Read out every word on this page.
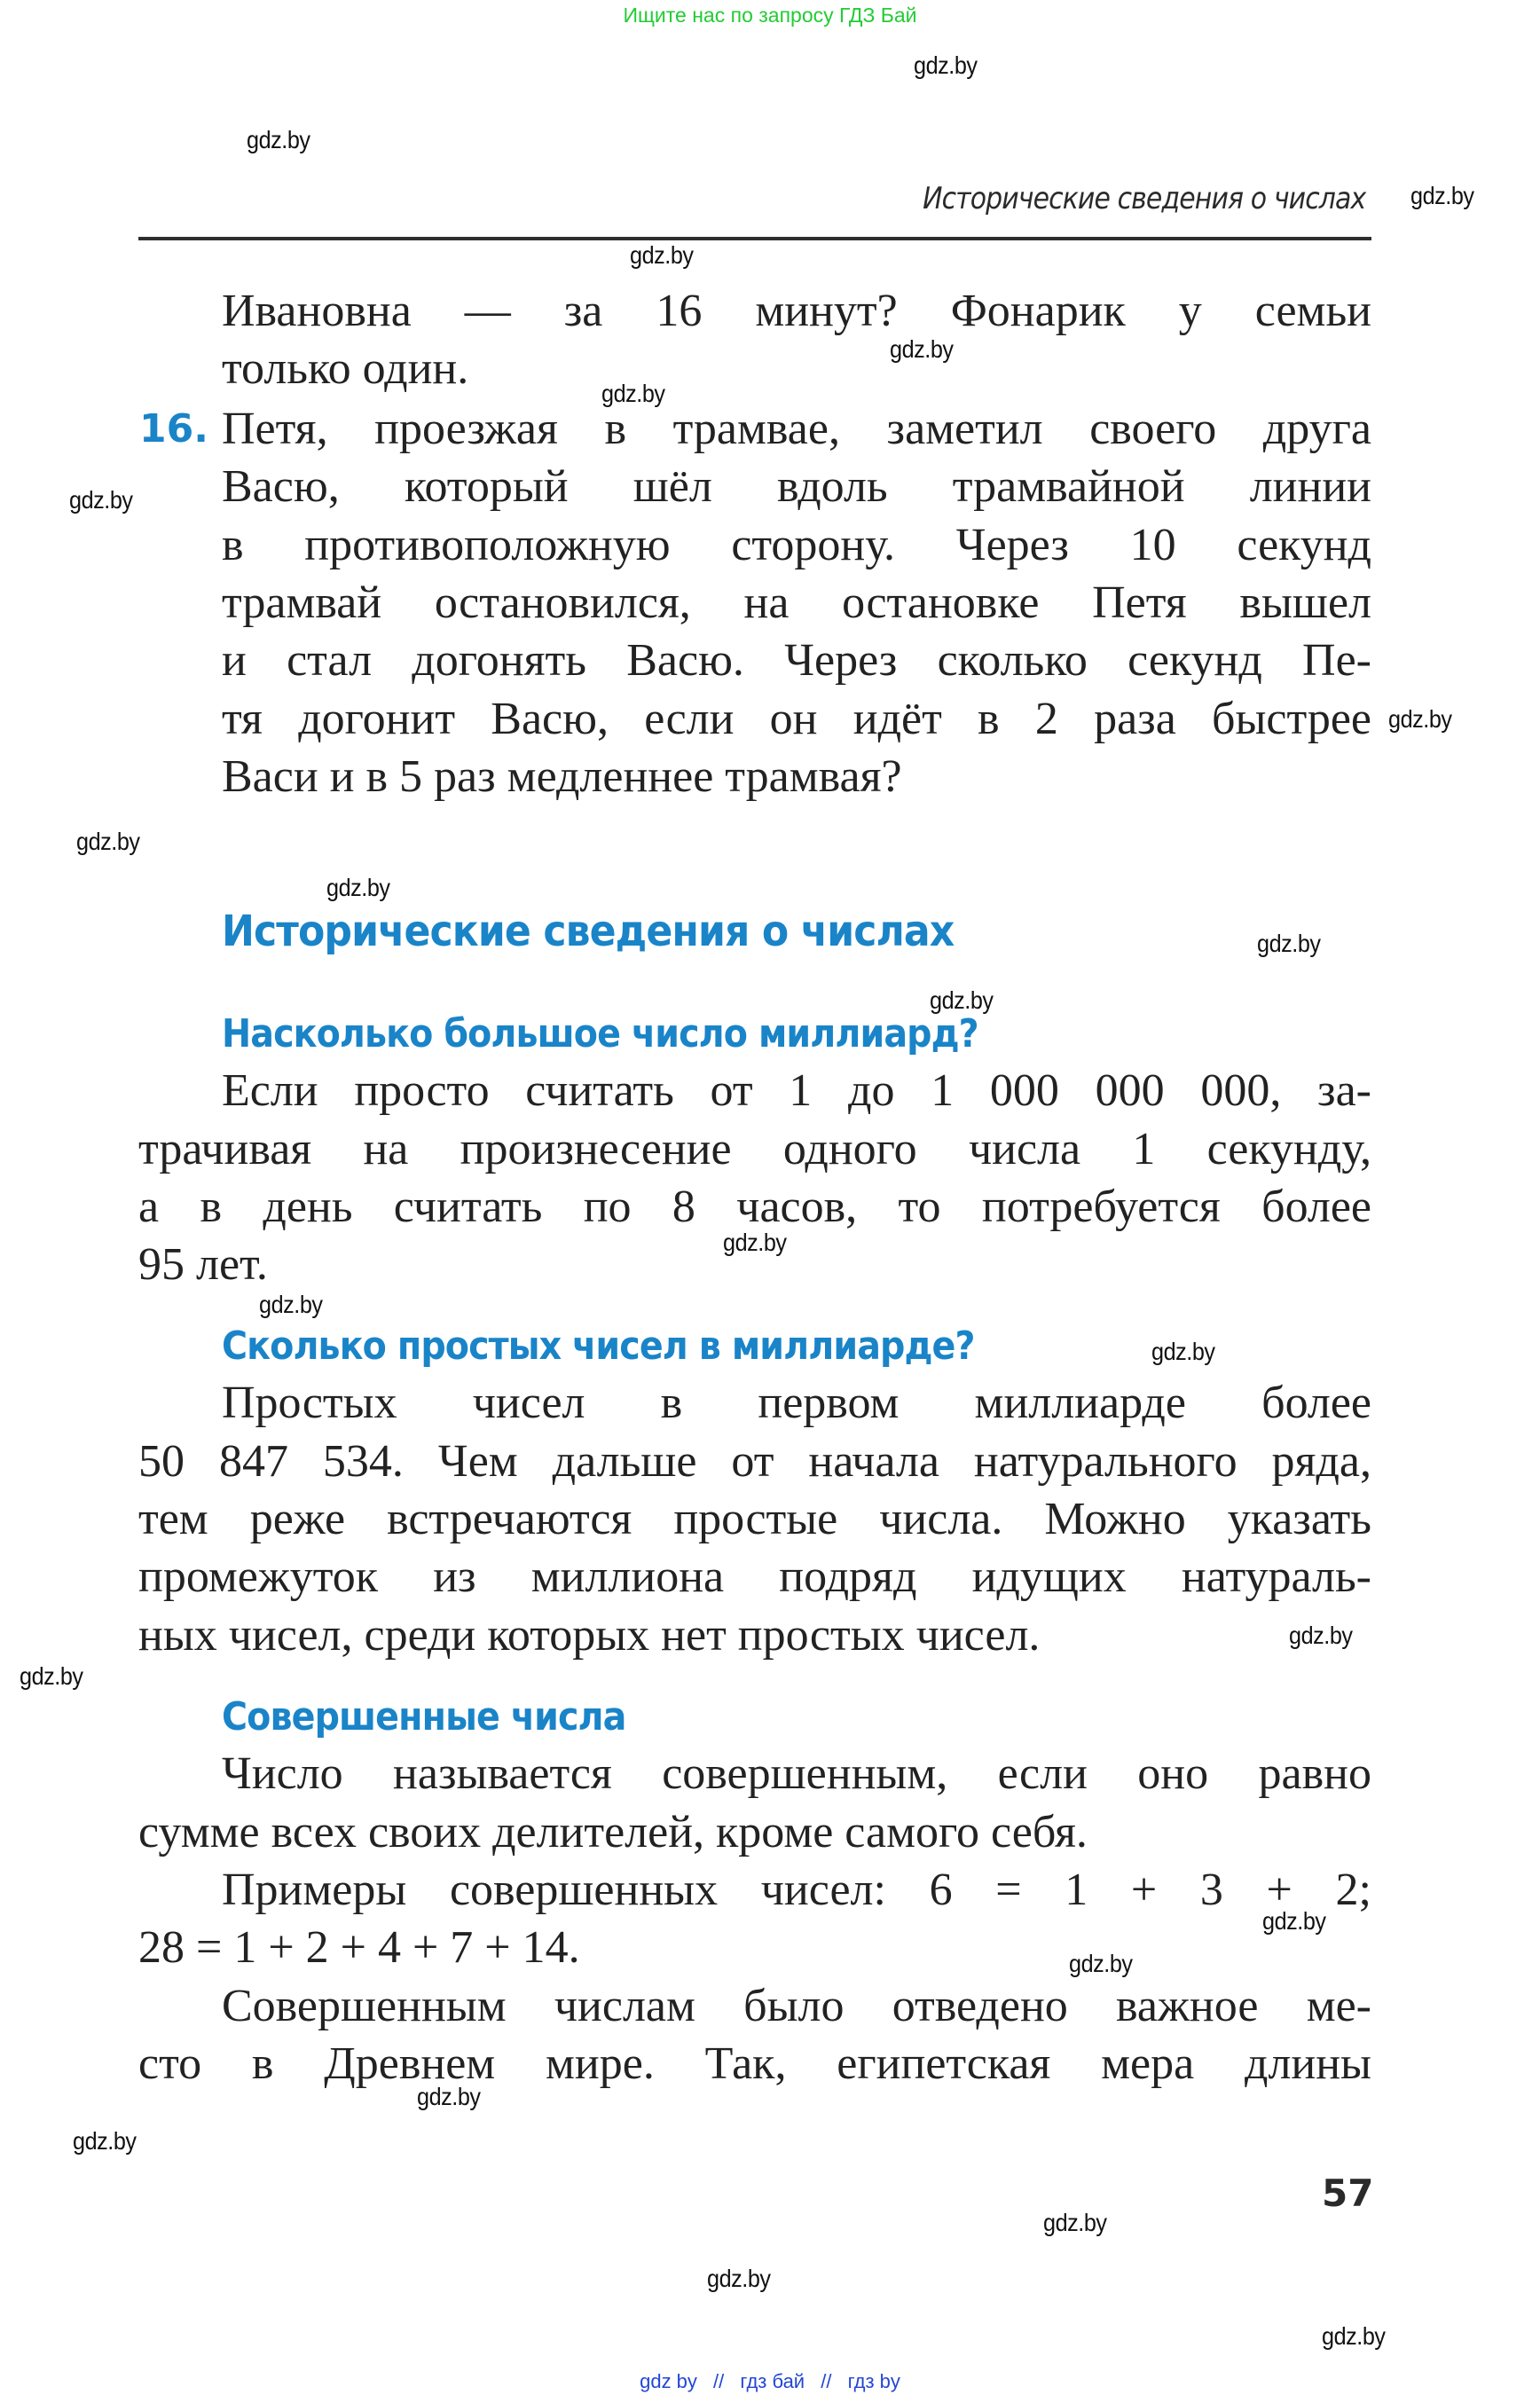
Ищите нас по запросу ГДЗ Бай
gdz.by
gdz.by
gdz.by
gdz.by
gdz.by
gdz.by
gdz.by
gdz.by
gdz.by
gdz.by
gdz.by
gdz.by
gdz.by
gdz.by
gdz.by
gdz.by
gdz.by
gdz.by
gdz.by
gdz.by
gdz.by
gdz.by
gdz.by
gdz.by
Исторические сведения о числах
Ивановна — за 16 минут? Фонарик у семьи
только один.
16. Петя, проезжая в трамвае, заметил своего друга
Васю, который шёл вдоль трамвайной линии
в противоположную сторону. Через 10 секунд
трамвай остановился, на остановке Петя вышел
и стал догонять Васю. Через сколько секунд Пе-
тя догонит Васю, если он идёт в 2 раза быстрее
Васи и в 5 раз медленнее трамвая?
Исторические сведения о числах
Насколько большое число миллиард?
Если просто считать от 1 до 1 000 000 000, за-
трачивая на произнесение одного числа 1 секунду,
а в день считать по 8 часов, то потребуется более
95 лет.
Сколько простых чисел в миллиарде?
Простых чисел в первом миллиарде более
50 847 534. Чем дальше от начала натурального ряда,
тем реже встречаются простые числа. Можно указать
промежуток из миллиона подряд идущих натураль-
ных чисел, среди которых нет простых чисел.
Совершенные числа
Число называется совершенным, если оно равно
сумме всех своих делителей, кроме самого себя.
Примеры совершенных чисел: 6 = 1 + 3 + 2;
28 = 1 + 2 + 4 + 7 + 14.
Совершенным числам было отведено важное ме-
сто в Древнем мире. Так, египетская мера длины
57
gdz by // гдз бай // гдз by
